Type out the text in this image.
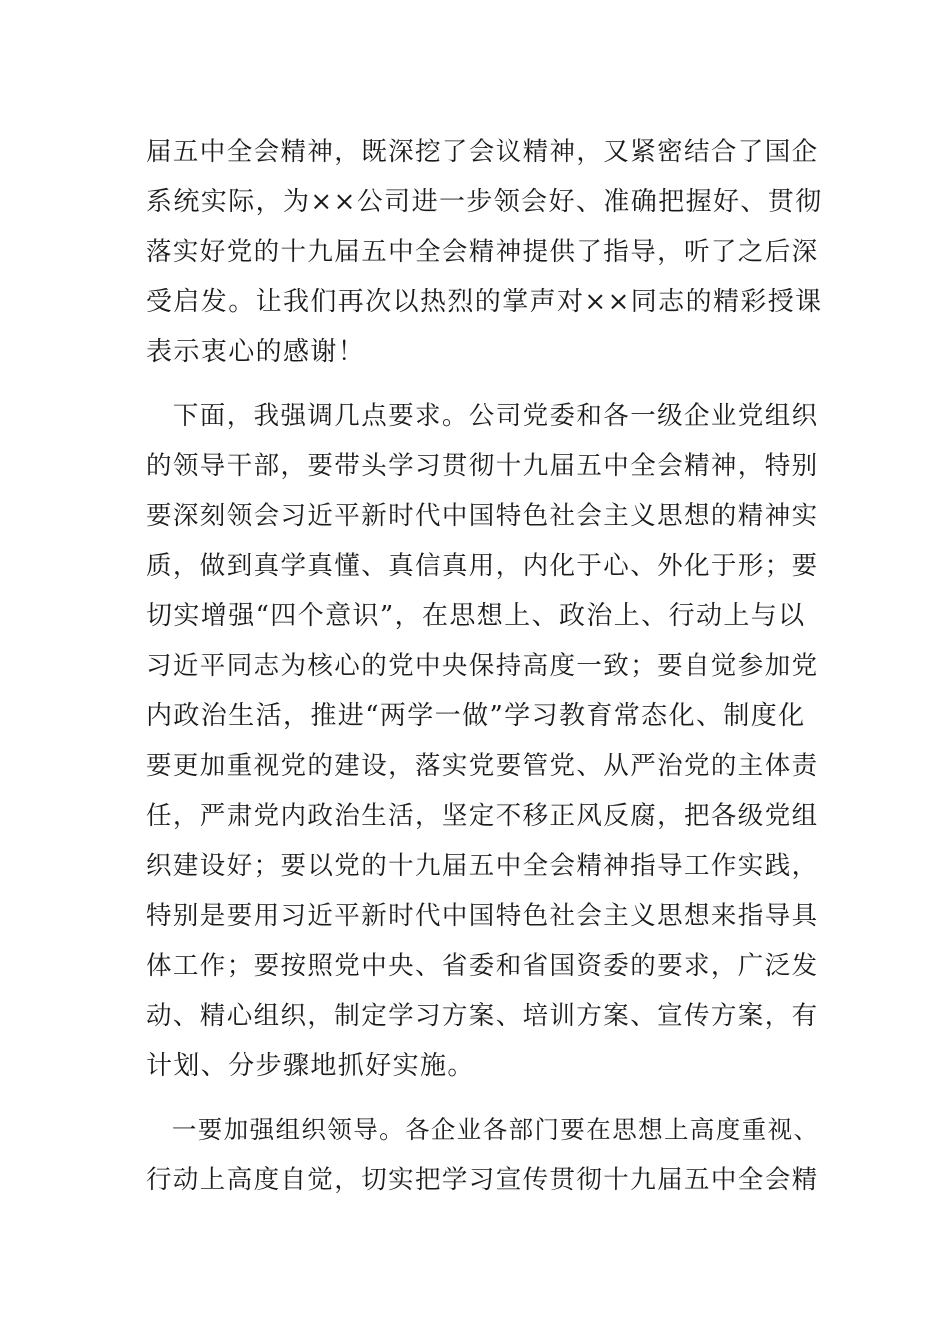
届五中全会精神，既深挖了会议精神，又紧密结合了国企
系统实际，为××公司进一步领会好、准确把握好、贯彻
落实好党的十九届五中全会精神提供了指导，听了之后深
受启发。让我们再次以热烈的掌声对××同志的精彩授课
表示衷心的感谢！
　下面，我强调几点要求。公司党委和各一级企业党组织
的领导干部，要带头学习贯彻十九届五中全会精神，特别
要深刻领会习近平新时代中国特色社会主义思想的精神实
质，做到真学真懂、真信真用，内化于心、外化于形；要
切实增强“四个意识”，在思想上、政治上、行动上与以
习近平同志为核心的党中央保持高度一致；要自觉参加党
内政治生活，推进“两学一做”学习教育常态化、制度化
要更加重视党的建设，落实党要管党、从严治党的主体责
任，严肃党内政治生活，坚定不移正风反腐，把各级党组
织建设好；要以党的十九届五中全会精神指导工作实践，
特别是要用习近平新时代中国特色社会主义思想来指导具
体工作；要按照党中央、省委和省国资委的要求，广泛发
动、精心组织，制定学习方案、培训方案、宣传方案，有
计划、分步骤地抓好实施。
　一要加强组织领导。各企业各部门要在思想上高度重视、
行动上高度自觉，切实把学习宣传贯彻十九届五中全会精
